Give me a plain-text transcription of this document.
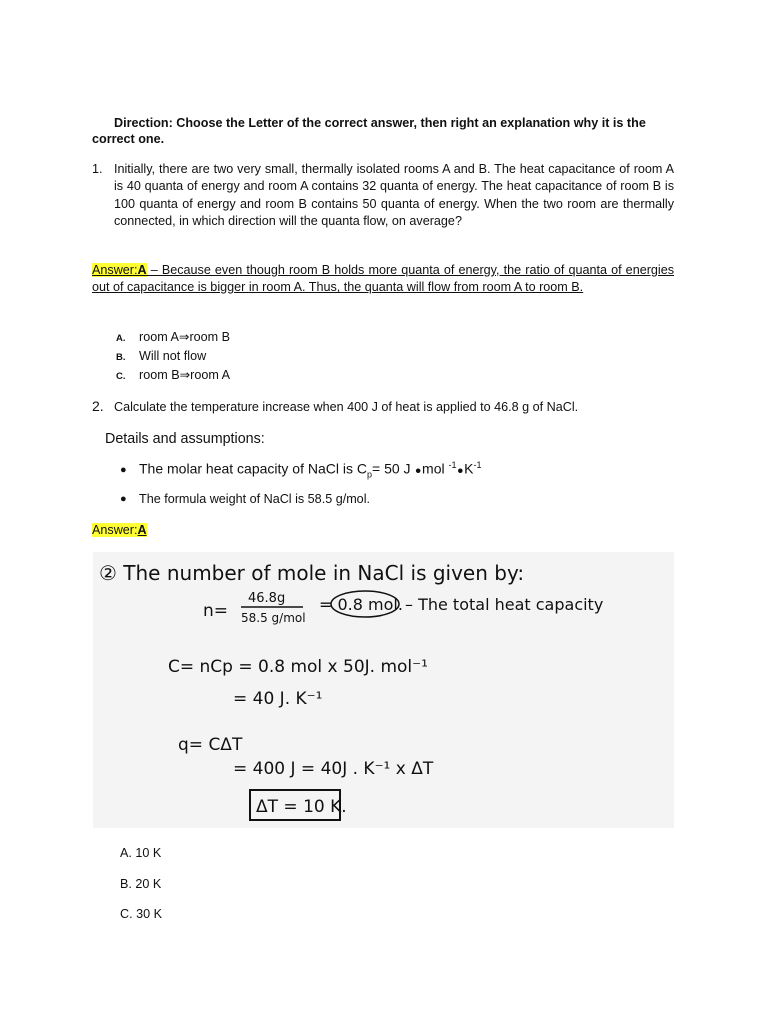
Direction: Choose the Letter of the correct answer, then right an explanation why it is the correct one.
1. Initially, there are two very small, thermally isolated rooms A and B. The heat capacitance of room A is 40 quanta of energy and room A contains 32 quanta of energy. The heat capacitance of room B is 100 quanta of energy and room B contains 50 quanta of energy. When the two room are thermally connected, in which direction will the quanta flow, on average?
Answer:A – Because even though room B holds more quanta of energy, the ratio of quanta of energies out of capacitance is bigger in room A. Thus, the quanta will flow from room A to room B.
A. room A⇒room B
B. Will not flow
C. room B⇒room A
2. Calculate the temperature increase when 400 J of heat is applied to 46.8 g of NaCl.
Details and assumptions:
● The molar heat capacity of NaCl is $C_p= 50$ J •mol $^{-1}•K^{-1}$
● The formula weight of NaCl is 58.5 g/mol.
Answer:A
② The number of mole in NaCl is given by:
n=
46.8g
58.5 g/mol
= 0.8 mol. – The total heat capacity
C= nCp = 0.8 mol x 50J. mol⁻¹
= 40 J. K⁻¹
q= CΔT
= 400 J = 40J . K⁻¹ x ΔT
ΔT = 10 K.
A. 10 K
B. 20 K
C. 30 K
